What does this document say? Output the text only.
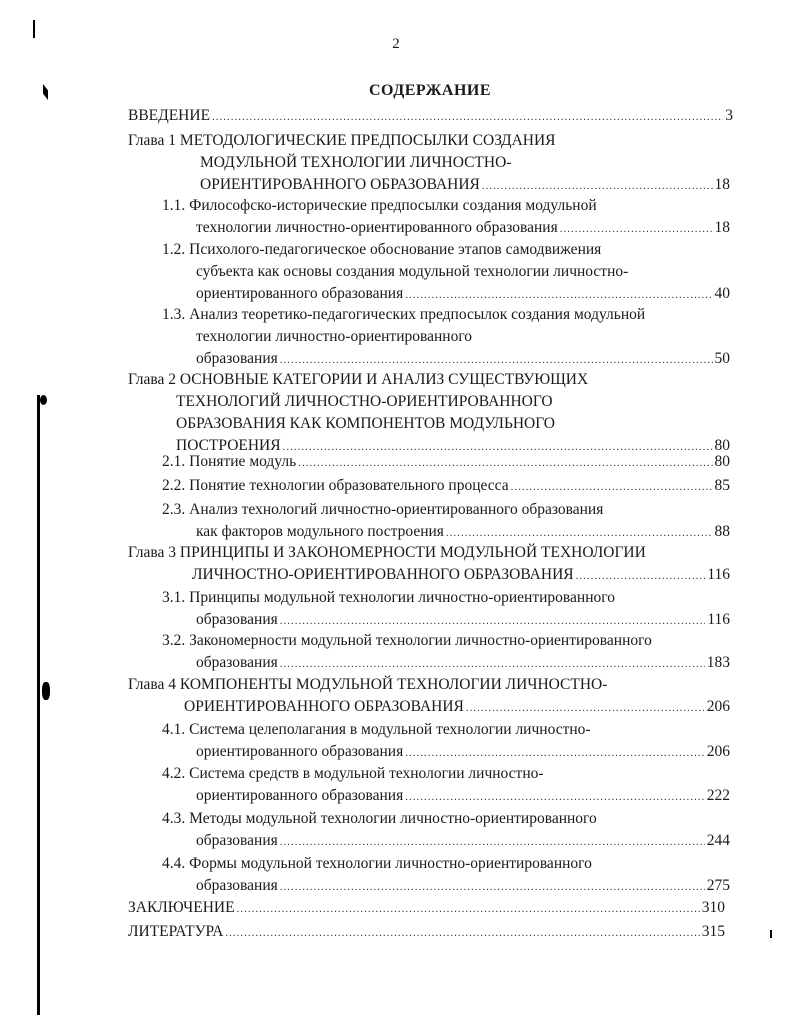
2
СОДЕРЖАНИЕ
ВВЕДЕНИЕ .....	3
Глава 1 МЕТОДОЛОГИЧЕСКИЕ ПРЕДПОСЫЛКИ СОЗДАНИЯ
МОДУЛЬНОЙ ТЕХНОЛОГИИ ЛИЧНОСТНО-
ОРИЕНТИРОВАННОГО ОБРАЗОВАНИЯ .....	18
1.1. Философско-исторические предпосылки создания модульной
технологии личностно-ориентированного образования .....	18
1.2. Психолого-педагогическое обоснование этапов самодвижения
субъекта как основы создания модульной технологии личностно-
ориентированного образования .....	40
1.3. Анализ теоретико-педагогических предпосылок создания модульной
технологии личностно-ориентированного
образования .....	50
Глава 2 ОСНОВНЫЕ КАТЕГОРИИ И АНАЛИЗ СУЩЕСТВУЮЩИХ
ТЕХНОЛОГИЙ ЛИЧНОСТНО-ОРИЕНТИРОВАННОГО
ОБРАЗОВАНИЯ КАК КОМПОНЕНТОВ МОДУЛЬНОГО
ПОСТРОЕНИЯ .....	80
2.1. Понятие модуль .....	80
2.2. Понятие технологии образовательного процесса .....	85
2.3. Анализ технологий личностно-ориентированного образования
как факторов модульного построения .....	88
Глава 3 ПРИНЦИПЫ И ЗАКОНОМЕРНОСТИ МОДУЛЬНОЙ ТЕХНОЛОГИИ
ЛИЧНОСТНО-ОРИЕНТИРОВАННОГО ОБРАЗОВАНИЯ .....	116
3.1. Принципы модульной технологии личностно-ориентированного
образования .....	116
3.2. Закономерности модульной технологии личностно-ориентированного
образования .....	183
Глава 4 КОМПОНЕНТЫ МОДУЛЬНОЙ ТЕХНОЛОГИИ ЛИЧНОСТНО-
ОРИЕНТИРОВАННОГО ОБРАЗОВАНИЯ .....	206
4.1. Система целеполагания в модульной технологии личностно-
ориентированного образования .....	206
4.2. Система средств в модульной технологии личностно-
ориентированного образования .....	222
4.3. Методы модульной технологии личностно-ориентированного
образования .....	244
4.4. Формы модульной технологии личностно-ориентированного
образования .....	275
ЗАКЛЮЧЕНИЕ .....	310
ЛИТЕРАТУРА .....	315
